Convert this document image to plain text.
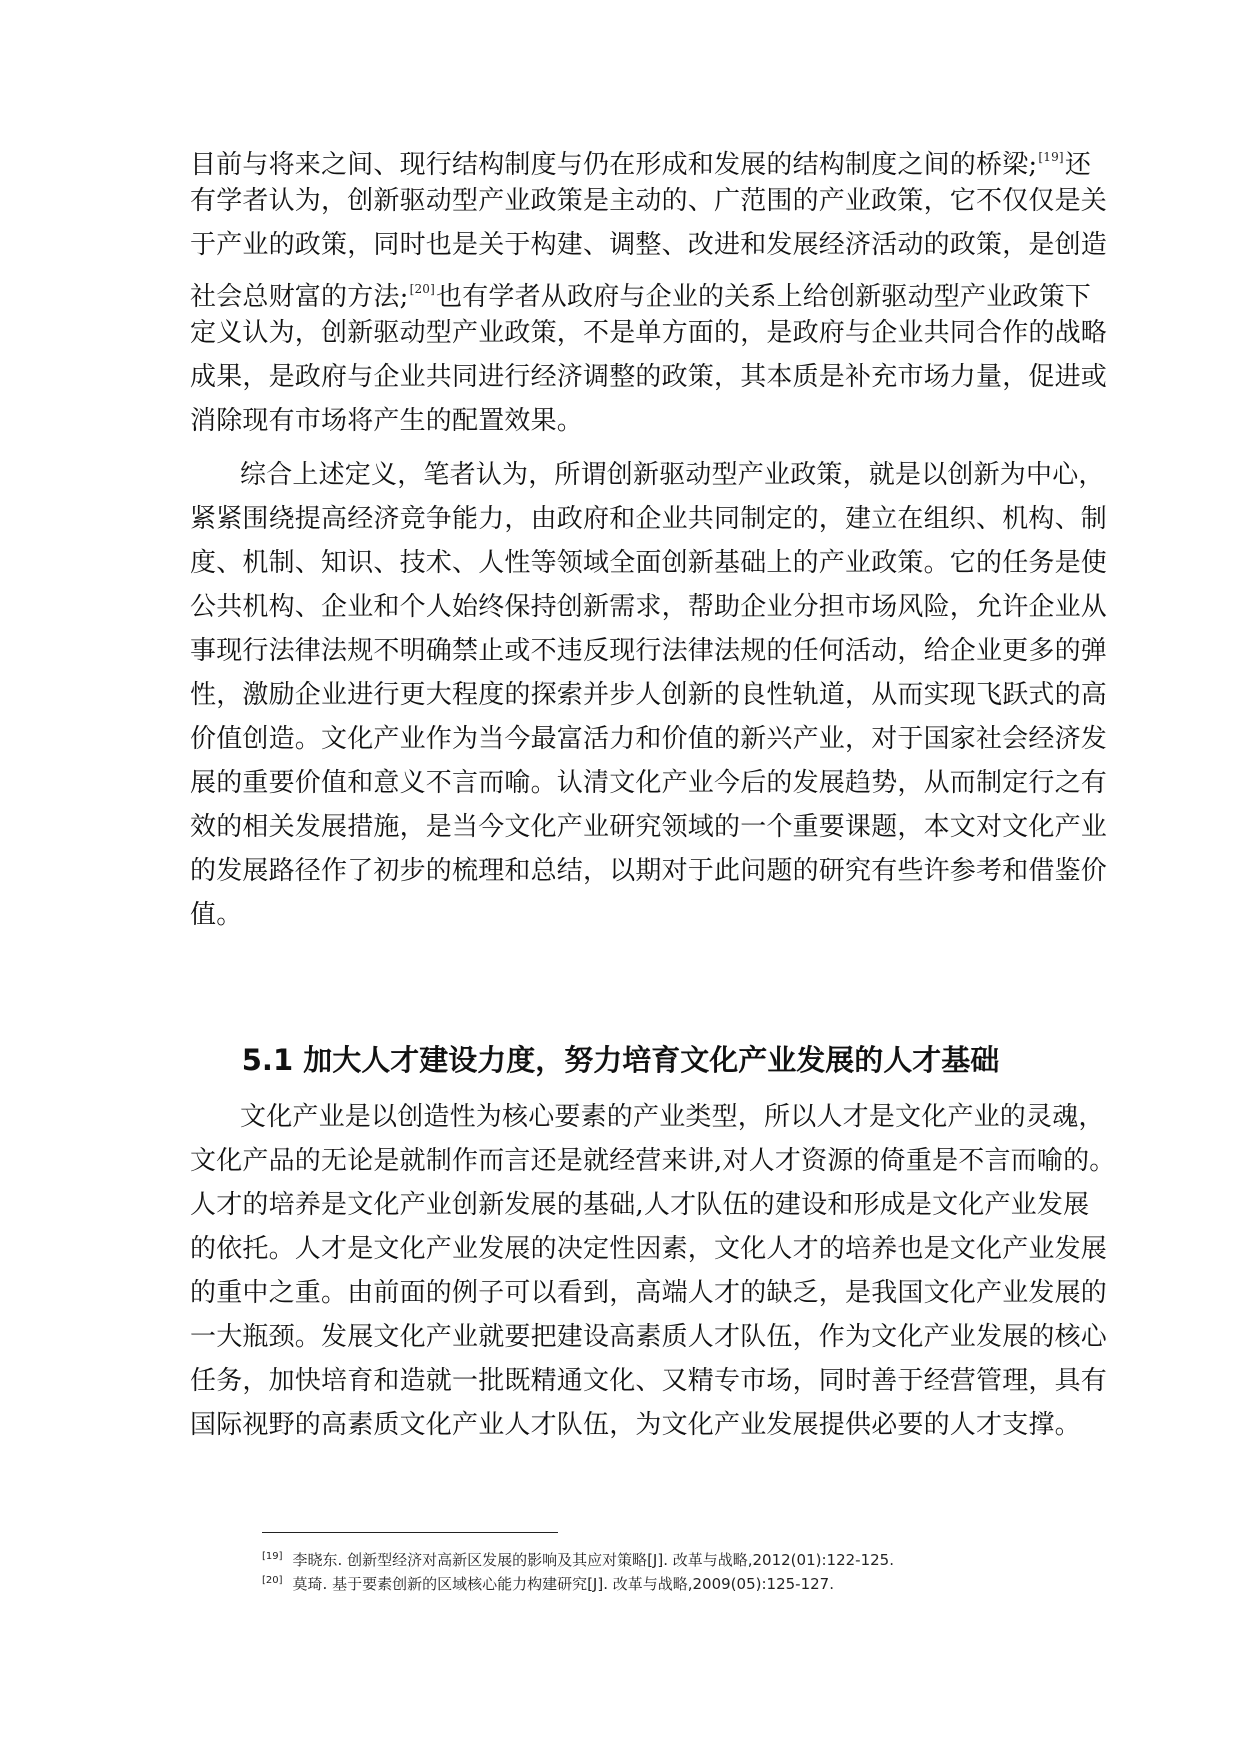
目前与将来之间、现行结构制度与仍在形成和发展的结构制度之间的桥梁;[19]还
有学者认为，创新驱动型产业政策是主动的、广范围的产业政策，它不仅仅是关
于产业的政策，同时也是关于构建、调整、改进和发展经济活动的政策，是创造
社会总财富的方法;[20]也有学者从政府与企业的关系上给创新驱动型产业政策下
定义认为，创新驱动型产业政策，不是单方面的，是政府与企业共同合作的战略
成果，是政府与企业共同进行经济调整的政策，其本质是补充市场力量，促进或
消除现有市场将产生的配置效果。
综合上述定义，笔者认为，所谓创新驱动型产业政策，就是以创新为中心，
紧紧围绕提高经济竞争能力，由政府和企业共同制定的，建立在组织、机构、制
度、机制、知识、技术、人性等领域全面创新基础上的产业政策。它的任务是使
公共机构、企业和个人始终保持创新需求，帮助企业分担市场风险，允许企业从
事现行法律法规不明确禁止或不违反现行法律法规的任何活动，给企业更多的弹
性，激励企业进行更大程度的探索并步人创新的良性轨道，从而实现飞跃式的高
价值创造。文化产业作为当今最富活力和价值的新兴产业，对于国家社会经济发
展的重要价值和意义不言而喻。认清文化产业今后的发展趋势，从而制定行之有
效的相关发展措施，是当今文化产业研究领域的一个重要课题，本文对文化产业
的发展路径作了初步的梳理和总结，以期对于此问题的研究有些许参考和借鉴价
值。
5.1 加大人才建设力度，努力培育文化产业发展的人才基础
文化产业是以创造性为核心要素的产业类型，所以人才是文化产业的灵魂，
文化产品的无论是就制作而言还是就经营来讲,对人才资源的倚重是不言而喻的。
人才的培养是文化产业创新发展的基础,人才队伍的建设和形成是文化产业发展
的依托。人才是文化产业发展的决定性因素，文化人才的培养也是文化产业发展
的重中之重。由前面的例子可以看到，高端人才的缺乏，是我国文化产业发展的
一大瓶颈。发展文化产业就要把建设高素质人才队伍，作为文化产业发展的核心
任务，加快培育和造就一批既精通文化、又精专市场，同时善于经营管理，具有
国际视野的高素质文化产业人才队伍，为文化产业发展提供必要的人才支撑。
[19] 李晓东. 创新型经济对高新区发展的影响及其应对策略[J]. 改革与战略,2012(01):122-125.
[20] 莫琦. 基于要素创新的区域核心能力构建研究[J]. 改革与战略,2009(05):125-127.
